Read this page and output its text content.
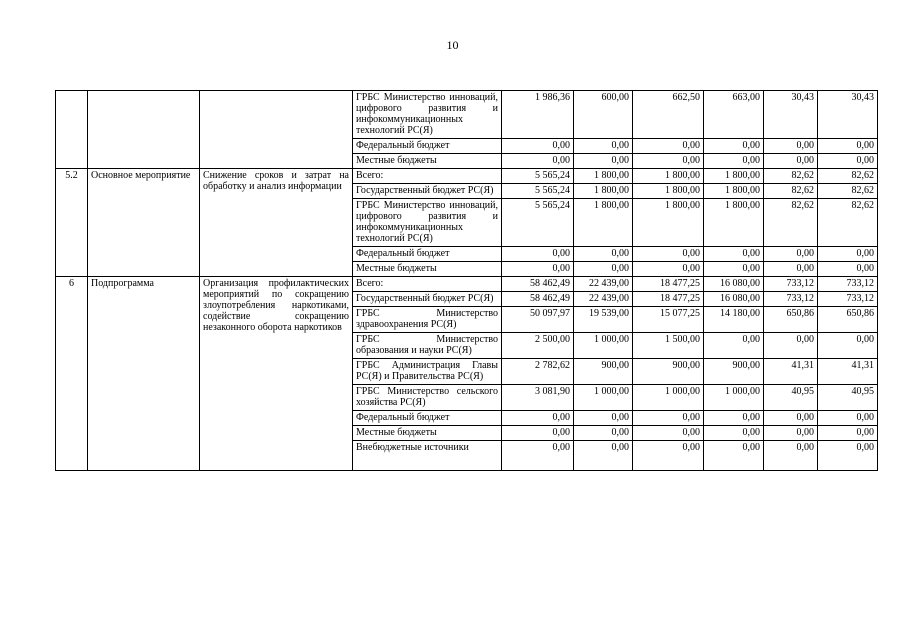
10
			ГРБС Министерство инноваций, цифрового развития и инфокоммуникационных технологий РС(Я)	1 986,36	600,00	662,50	663,00	30,43	30,43
			Федеральный бюджет	0,00	0,00	0,00	0,00	0,00	0,00
			Местные бюджеты	0,00	0,00	0,00	0,00	0,00	0,00
5.2	Основное мероприятие	Снижение сроков и затрат на обработку и анализ информации	Всего:	5 565,24	1 800,00	1 800,00	1 800,00	82,62	82,62
			Государственный бюджет РС(Я)	5 565,24	1 800,00	1 800,00	1 800,00	82,62	82,62
			ГРБС Министерство инноваций, цифрового развития и инфокоммуникационных технологий РС(Я)	5 565,24	1 800,00	1 800,00	1 800,00	82,62	82,62
			Федеральный бюджет	0,00	0,00	0,00	0,00	0,00	0,00
			Местные бюджеты	0,00	0,00	0,00	0,00	0,00	0,00
6	Подпрограмма	Организация профилактических мероприятий по сокращению злоупотребления наркотиками, содействие сокращению незаконного оборота наркотиков	Всего:	58 462,49	22 439,00	18 477,25	16 080,00	733,12	733,12
			Государственный бюджет РС(Я)	58 462,49	22 439,00	18 477,25	16 080,00	733,12	733,12
			ГРБС Министерство здравоохранения РС(Я)	50 097,97	19 539,00	15 077,25	14 180,00	650,86	650,86
			ГРБС Министерство образования и науки РС(Я)	2 500,00	1 000,00	1 500,00	0,00	0,00	0,00
			ГРБС Администрация Главы РС(Я) и Правительства РС(Я)	2 782,62	900,00	900,00	900,00	41,31	41,31
			ГРБС Министерство сельского хозяйства РС(Я)	3 081,90	1 000,00	1 000,00	1 000,00	40,95	40,95
			Федеральный бюджет	0,00	0,00	0,00	0,00	0,00	0,00
			Местные бюджеты	0,00	0,00	0,00	0,00	0,00	0,00
			Внебюджетные источники	0,00	0,00	0,00	0,00	0,00	0,00
